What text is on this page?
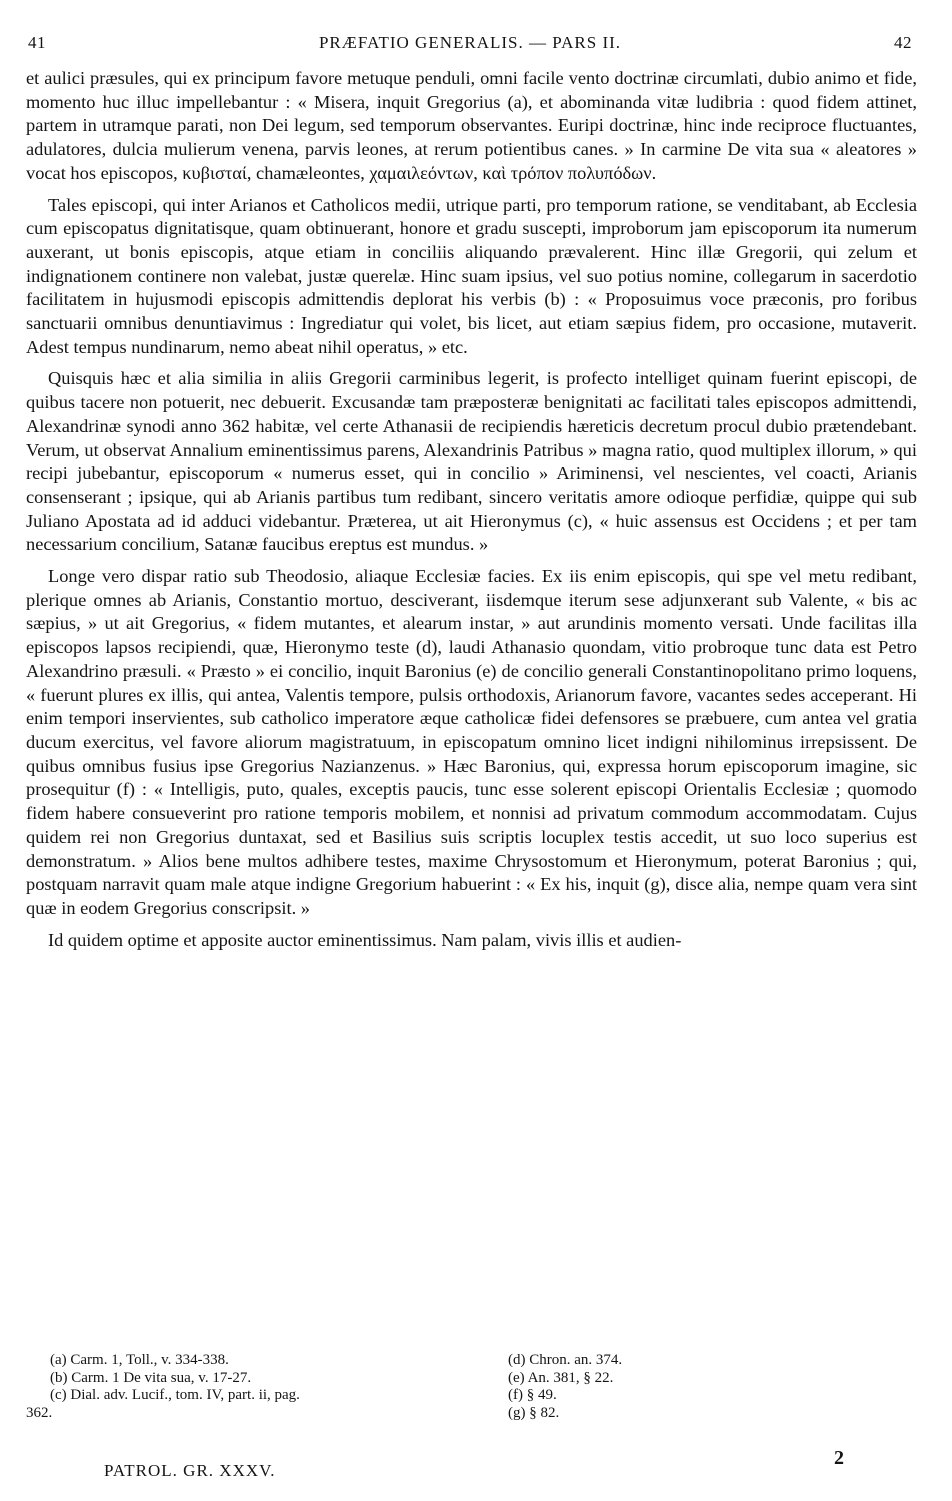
41	PRÆFATIO GENERALIS. — PARS II.	42

et aulici præsules, qui ex principum favore metuque penduli, omni facile vento doctrinæ circumlati, dubio animo et fide, momento huc illuc impellebantur : « Misera, inquit Gregorius (a), et abominanda vitæ ludibria : quod fidem attinet, partem in utramque parati, non Dei legum, sed temporum observantes. Euripi doctrinæ, hinc inde reciproce fluctuantes, adulatores, dulcia mulierum venena, parvis leones, at rerum potientibus canes. » In carmine De vita sua « aleatores » vocat hos episcopos, κυβισταί, chamæleontes, χαμαιλεόντων, καὶ τρόπον πολυπόδων.

Tales episcopi, qui inter Arianos et Catholicos medii, utrique parti, pro temporum ratione, se venditabant, ab Ecclesia cum episcopatus dignitatisque, quam obtinuerant, honore et gradu suscepti, improborum jam episcoporum ita numerum auxerant, ut bonis episcopis, atque etiam in conciliis aliquando prævalerent. Hinc illæ Gregorii, qui zelum et indignationem continere non valebat, justæ querelæ. Hinc suam ipsius, vel suo potius nomine, collegarum in sacerdotio facilitatem in hujusmodi episcopis admittendis deplorat his verbis (b) : « Proposuimus voce præconis, pro foribus sanctuarii omnibus denuntiavimus : Ingrediatur qui volet, bis licet, aut etiam sæpius fidem, pro occasione, mutaverit. Adest tempus nundinarum, nemo abeat nihil operatus, » etc.

Quisquis hæc et alia similia in aliis Gregorii carminibus legerit, is profecto intelliget quinam fuerint episcopi, de quibus tacere non potuerit, nec debuerit. Excusandæ tam præposteræ benignitati ac facilitati tales episcopos admittendi, Alexandrinæ synodi anno 362 habitæ, vel certe Athanasii de recipiendis hæreticis decretum procul dubio prætendebant. Verum, ut observat Annalium eminentissimus parens, Alexandrinis Patribus » magna ratio, quod multiplex illorum, » qui recipi jubebantur, episcoporum « numerus esset, qui in concilio » Ariminensi, vel nescientes, vel coacti, Arianis consenserant ; ipsique, qui ab Arianis partibus tum redibant, sincero veritatis amore odioque perfidiæ, quippe qui sub Juliano Apostata ad id adduci videbantur. Præterea, ut ait Hieronymus (c), « huic assensus est Occidens ; et per tam necessarium concilium, Satanæ faucibus ereptus est mundus. »

Longe vero dispar ratio sub Theodosio, aliaque Ecclesiæ facies. Ex iis enim episcopis, qui spe vel metu redibant, plerique omnes ab Arianis, Constantio mortuo, desciverant, iisdemque iterum sese adjunxerant sub Valente, « bis ac sæpius, » ut ait Gregorius, « fidem mutantes, et alearum instar, » aut arundinis momento versati. Unde facilitas illa episcopos lapsos recipiendi, quæ, Hieronymo teste (d), laudi Athanasio quondam, vitio probroque tunc data est Petro Alexandrino præsuli. « Præsto » ei concilio, inquit Baronius (e) de concilio generali Constantinopolitano primo loquens, « fuerunt plures ex illis, qui antea, Valentis tempore, pulsis orthodoxis, Arianorum favore, vacantes sedes acceperant. Hi enim tempori inservientes, sub catholico imperatore æque catholicæ fidei defensores se præbuere, cum antea vel gratia ducum exercitus, vel favore aliorum magistratuum, in episcopatum omnino licet indigni nihilominus irrepsissent. De quibus omnibus fusius ipse Gregorius Nazianzenus. » Hæc Baronius, qui, expressa horum episcoporum imagine, sic prosequitur (f) : « Intelligis, puto, quales, exceptis paucis, tunc esse solerent episcopi Orientalis Ecclesiæ ; quomodo fidem habere consueverint pro ratione temporis mobilem, et nonnisi ad privatum commodum accommodatam. Cujus quidem rei non Gregorius duntaxat, sed et Basilius suis scriptis locuplex testis accedit, ut suo loco superius est demonstratum. » Alios bene multos adhibere testes, maxime Chrysostomum et Hieronymum, poterat Baronius ; qui, postquam narravit quam male atque indigne Gregorium habuerint : « Ex his, inquit (g), disce alia, nempe quam vera sint quæ in eodem Gregorius conscripsit. »

Id quidem optime et apposite auctor eminentissimus. Nam palam, vivis illis et audien-

(a) Carm. 1, Toll., v. 334-338.
(b) Carm. 1 De vita sua, v. 17-27.
(c) Dial. adv. Lucif., tom. IV, part. ii, pag.
362.
(d) Chron. an. 374.
(e) An. 381, § 22.
(f) § 49.
(g) § 82.
PATROL. GR. XXXV.
2
